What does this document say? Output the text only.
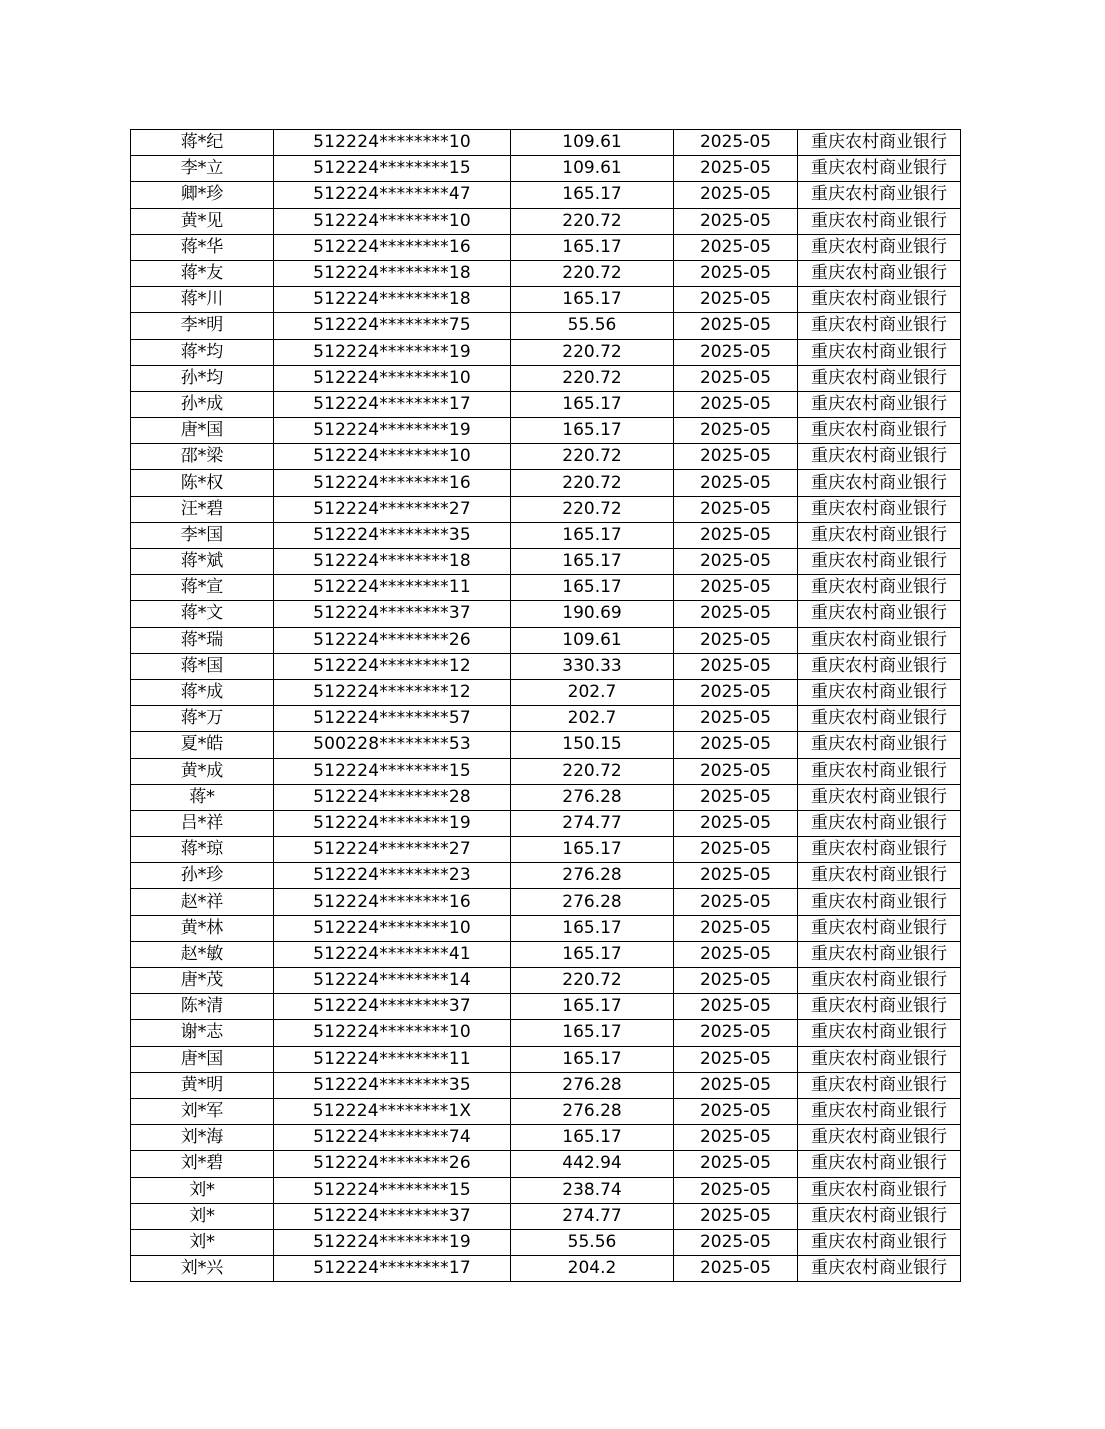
蒋*纪	512224********10	109.61	2025-05	重庆农村商业银行
李*立	512224********15	109.61	2025-05	重庆农村商业银行
卿*珍	512224********47	165.17	2025-05	重庆农村商业银行
黄*见	512224********10	220.72	2025-05	重庆农村商业银行
蒋*华	512224********16	165.17	2025-05	重庆农村商业银行
蒋*友	512224********18	220.72	2025-05	重庆农村商业银行
蒋*川	512224********18	165.17	2025-05	重庆农村商业银行
李*明	512224********75	55.56	2025-05	重庆农村商业银行
蒋*均	512224********19	220.72	2025-05	重庆农村商业银行
孙*均	512224********10	220.72	2025-05	重庆农村商业银行
孙*成	512224********17	165.17	2025-05	重庆农村商业银行
唐*国	512224********19	165.17	2025-05	重庆农村商业银行
邵*梁	512224********10	220.72	2025-05	重庆农村商业银行
陈*权	512224********16	220.72	2025-05	重庆农村商业银行
汪*碧	512224********27	220.72	2025-05	重庆农村商业银行
李*国	512224********35	165.17	2025-05	重庆农村商业银行
蒋*斌	512224********18	165.17	2025-05	重庆农村商业银行
蒋*宣	512224********11	165.17	2025-05	重庆农村商业银行
蒋*文	512224********37	190.69	2025-05	重庆农村商业银行
蒋*瑞	512224********26	109.61	2025-05	重庆农村商业银行
蒋*国	512224********12	330.33	2025-05	重庆农村商业银行
蒋*成	512224********12	202.7	2025-05	重庆农村商业银行
蒋*万	512224********57	202.7	2025-05	重庆农村商业银行
夏*皓	500228********53	150.15	2025-05	重庆农村商业银行
黄*成	512224********15	220.72	2025-05	重庆农村商业银行
蒋*	512224********28	276.28	2025-05	重庆农村商业银行
吕*祥	512224********19	274.77	2025-05	重庆农村商业银行
蒋*琼	512224********27	165.17	2025-05	重庆农村商业银行
孙*珍	512224********23	276.28	2025-05	重庆农村商业银行
赵*祥	512224********16	276.28	2025-05	重庆农村商业银行
黄*林	512224********10	165.17	2025-05	重庆农村商业银行
赵*敏	512224********41	165.17	2025-05	重庆农村商业银行
唐*茂	512224********14	220.72	2025-05	重庆农村商业银行
陈*清	512224********37	165.17	2025-05	重庆农村商业银行
谢*志	512224********10	165.17	2025-05	重庆农村商业银行
唐*国	512224********11	165.17	2025-05	重庆农村商业银行
黄*明	512224********35	276.28	2025-05	重庆农村商业银行
刘*军	512224********1X	276.28	2025-05	重庆农村商业银行
刘*海	512224********74	165.17	2025-05	重庆农村商业银行
刘*碧	512224********26	442.94	2025-05	重庆农村商业银行
刘*	512224********15	238.74	2025-05	重庆农村商业银行
刘*	512224********37	274.77	2025-05	重庆农村商业银行
刘*	512224********19	55.56	2025-05	重庆农村商业银行
刘*兴	512224********17	204.2	2025-05	重庆农村商业银行
